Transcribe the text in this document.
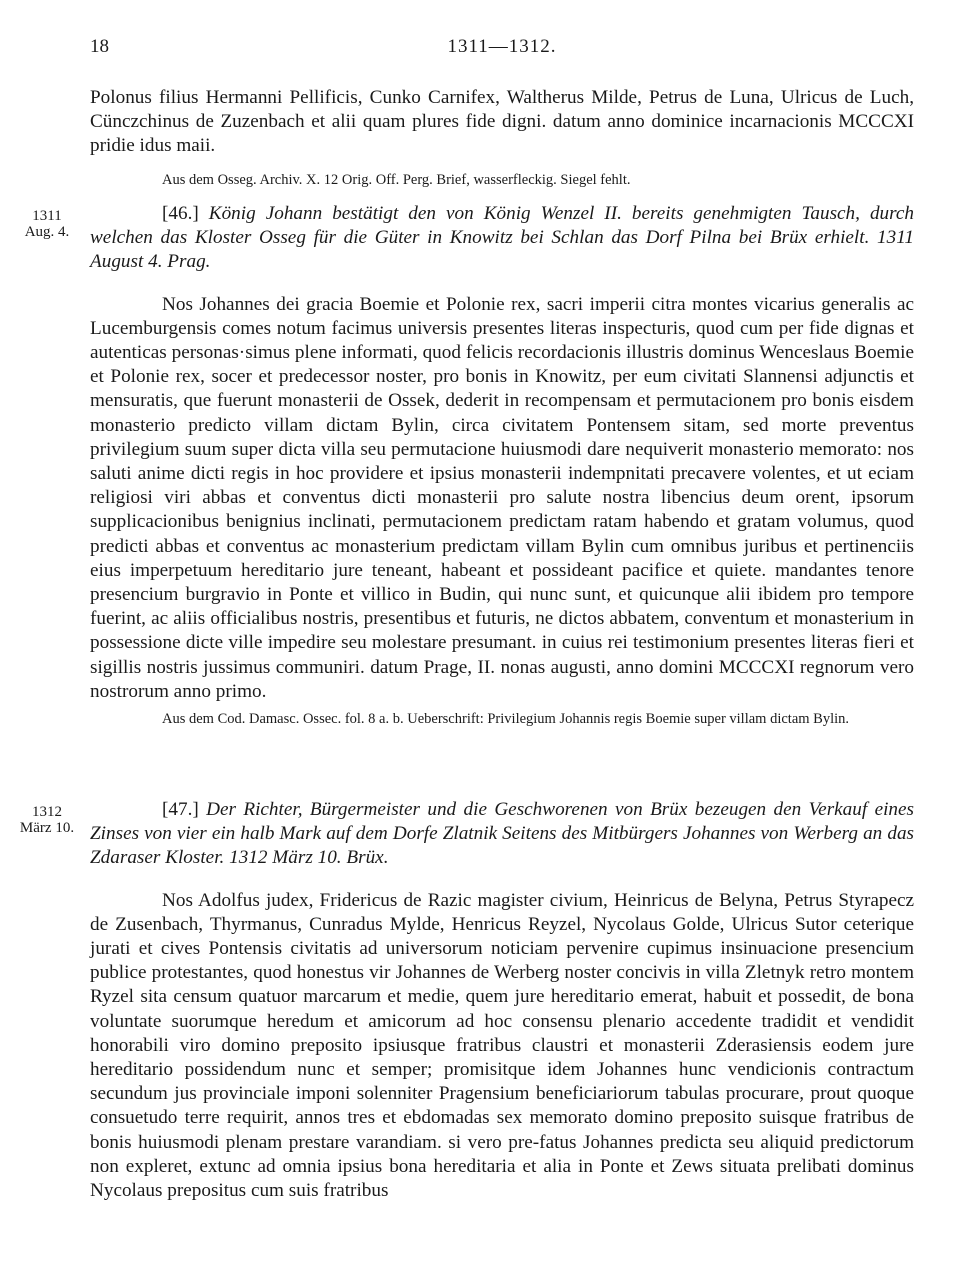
18	1311—1312.

Polonus filius Hermanni Pellificis, Cunko Carnifex, Waltherus Milde, Petrus de Luna, Ulricus de Luch, Cünczchinus de Zuzenbach et alii quam plures fide digni. datum anno dominice incarnacionis MCCCXI pridie idus maii.

Aus dem Osseg. Archiv. X. 12 Orig. Off. Perg. Brief, wasserfleckig. Siegel fehlt.

1311
Aug. 4.

[46.] König Johann bestätigt den von König Wenzel II. bereits genehmigten Tausch, durch welchen das Kloster Osseg für die Güter in Knowitz bei Schlan das Dorf Pilna bei Brüx erhielt. 1311 August 4. Prag.

Nos Johannes dei gracia Boemie et Polonie rex, sacri imperii citra montes vicarius generalis ac Lucemburgensis comes notum facimus universis presentes literas inspecturis, quod cum per fide dignas et autenticas personas·simus plene informati, quod felicis recordacionis illustris dominus Wenceslaus Boemie et Polonie rex, socer et predecessor noster, pro bonis in Knowitz, per eum civitati Slannensi adjunctis et mensuratis, que fuerunt monasterii de Ossek, dederit in recompensam et permutacionem pro bonis eisdem monasterio predicto villam dictam Bylin, circa civitatem Pontensem sitam, sed morte preventus privilegium suum super dicta villa seu permutacione huiusmodi dare nequiverit monasterio memorato: nos saluti anime dicti regis in hoc providere et ipsius monasterii indempnitati precavere volentes, et ut eciam religiosi viri abbas et conventus dicti monasterii pro salute nostra libencius deum orent, ipsorum supplicacionibus benignius inclinati, permutacionem predictam ratam habendo et gratam volumus, quod predicti abbas et conventus ac monasterium predictam villam Bylin cum omnibus juribus et pertinenciis eius imperpetuum hereditario jure teneant, habeant et possideant pacifice et quiete. mandantes tenore presencium burgravio in Ponte et villico in Budin, qui nunc sunt, et quicunque alii ibidem pro tempore fuerint, ac aliis officialibus nostris, presentibus et futuris, ne dictos abbatem, conventum et monasterium in possessione dicte ville impedire seu molestare presumant. in cuius rei testimonium presentes literas fieri et sigillis nostris jussimus communiri. datum Prage, II. nonas augusti, anno domini MCCCXI regnorum vero nostrorum anno primo.

Aus dem Cod. Damasc. Ossec. fol. 8 a. b. Ueberschrift: Privilegium Johannis regis Boemie super villam dictam Bylin.

1312
März 10.

[47.] Der Richter, Bürgermeister und die Geschworenen von Brüx bezeugen den Verkauf eines Zinses von vier ein halb Mark auf dem Dorfe Zlatnik Seitens des Mitbürgers Johannes von Werberg an das Zdaraser Kloster. 1312 März 10. Brüx.

Nos Adolfus judex, Fridericus de Razic magister civium, Heinricus de Belyna, Petrus Styrapecz de Zusenbach, Thyrmanus, Cunradus Mylde, Henricus Reyzel, Nycolaus Golde, Ulricus Sutor ceterique jurati et cives Pontensis civitatis ad universorum noticiam pervenire cupimus insinuacione presencium publice protestantes, quod honestus vir Johannes de Werberg noster concivis in villa Zletnyk retro montem Ryzel sita censum quatuor marcarum et medie, quem jure hereditario emerat, habuit et possedit, de bona voluntate suorumque heredum et amicorum ad hoc consensu plenario accedente tradidit et vendidit honorabili viro domino preposito ipsiusque fratribus claustri et monasterii Zderasiensis eodem jure hereditario possidendum nunc et semper; promisitque idem Johannes hunc vendicionis contractum secundum jus provinciale imponi solenniter Pragensium beneficiariorum tabulas procurare, prout quoque consuetudo terre requirit, annos tres et ebdomadas sex memorato domino preposito suisque fratribus de bonis huiusmodi plenam prestare varandiam. si vero pre-fatus Johannes predicta seu aliquid predictorum non expleret, extunc ad omnia ipsius bona hereditaria et alia in Ponte et Zews situata prelibati dominus Nycolaus prepositus cum suis fratribus
